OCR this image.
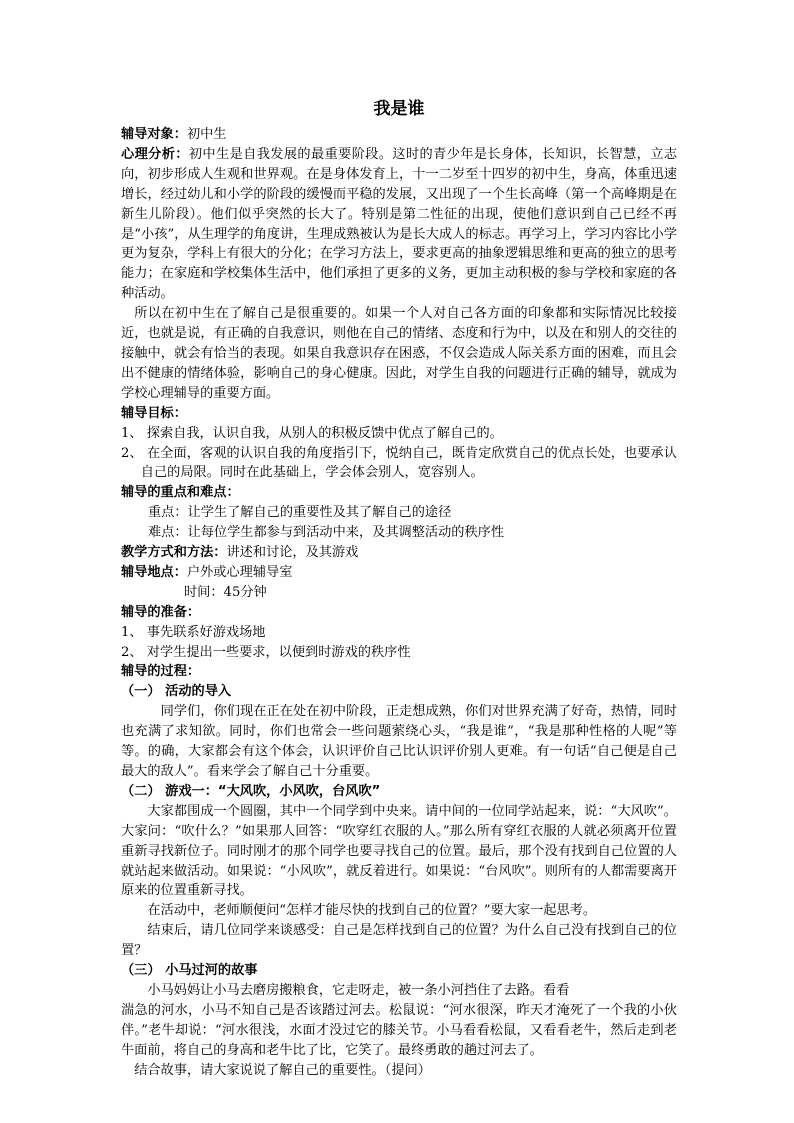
我是谁

辅导对象：初中生

心理分析：初中生是自我发展的最重要阶段。这时的青少年是长身体，长知识，长智慧，立志向，初步形成人生观和世界观。在是身体发育上，十一二岁至十四岁的初中生，身高，体重迅速增长，经过幼儿和小学的阶段的缓慢而平稳的发展，又出现了一个生长高峰（第一个高峰期是在新生儿阶段）。他们似乎突然的长大了。特别是第二性征的出现，使他们意识到自己已经不再是“小孩”，从生理学的角度讲，生理成熟被认为是长大成人的标志。再学习上，学习内容比小学更为复杂，学科上有很大的分化；在学习方法上，要求更高的抽象逻辑思维和更高的独立的思考能力；在家庭和学校集体生活中，他们承担了更多的义务，更加主动积极的参与学校和家庭的各种活动。

所以在初中生在了解自己是很重要的。如果一个人对自己各方面的印象都和实际情况比较接近，也就是说，有正确的自我意识，则他在自己的情绪、态度和行为中，以及在和别人的交往的接触中，就会有恰当的表现。如果自我意识存在困惑，不仅会造成人际关系方面的困难，而且会出不健康的情绪体验，影响自己的身心健康。因此，对学生自我的问题进行正确的辅导，就成为学校心理辅导的重要方面。

辅导目标：

1、 探索自我，认识自我，从别人的积极反馈中优点了解自己的。

2、 在全面，客观的认识自我的角度指引下，悦纳自己，既肯定欣赏自己的优点长处，也要承认自己的局限。同时在此基础上，学会体会别人，宽容别人。

辅导的重点和难点：

重点：让学生了解自己的重要性及其了解自己的途径

难点：让每位学生都参与到活动中来，及其调整活动的秩序性

教学方式和方法：讲述和讨论，及其游戏

辅导地点：户外或心理辅导室

时间：45分钟

辅导的准备：

1、 事先联系好游戏场地

2、 对学生提出一些要求，以便到时游戏的秩序性

辅导的过程：

（一） 活动的导入

同学们，你们现在正在处在初中阶段，正走想成熟，你们对世界充满了好奇，热情，同时也充满了求知欲。同时，你们也常会一些问题萦绕心头，“我是谁”，“我是那种性格的人呢”等等。的确，大家都会有这个体会，认识评价自己比认识评价别人更难。有一句话“自己便是自己最大的敌人”。看来学会了解自己十分重要。

（二） 游戏一：“大风吹，小风吹，台风吹”

大家都围成一个圆圈，其中一个同学到中央来。请中间的一位同学站起来，说：“大风吹”。大家问：“吹什么？”如果那人回答：“吹穿红衣服的人。”那么所有穿红衣服的人就必须离开位置重新寻找新位子。同时刚才的那个同学也要寻找自己的位置。最后，那个没有找到自己位置的人就站起来做活动。如果说：“小风吹”，就反着进行。如果说：“台风吹”。则所有的人都需要离开原来的位置重新寻找。

在活动中，老师顺便问“怎样才能尽快的找到自己的位置？”要大家一起思考。

结束后，请几位同学来谈感受：自己是怎样找到自己的位置？为什么自己没有找到自己的位置？

（三） 小马过河的故事

小马妈妈让小马去磨房搬粮食，它走呀走，被一条小河挡住了去路。看看

湍急的河水，小马不知自己是否该踏过河去。松鼠说：“河水很深，昨天才淹死了一个我的小伙伴。”老牛却说：“河水很浅，水面才没过它的膝关节。小马看看松鼠，又看看老牛，然后走到老牛面前，将自己的身高和老牛比了比，它笑了。最终勇敢的趟过河去了。

结合故事，请大家说说了解自己的重要性。（提问）
